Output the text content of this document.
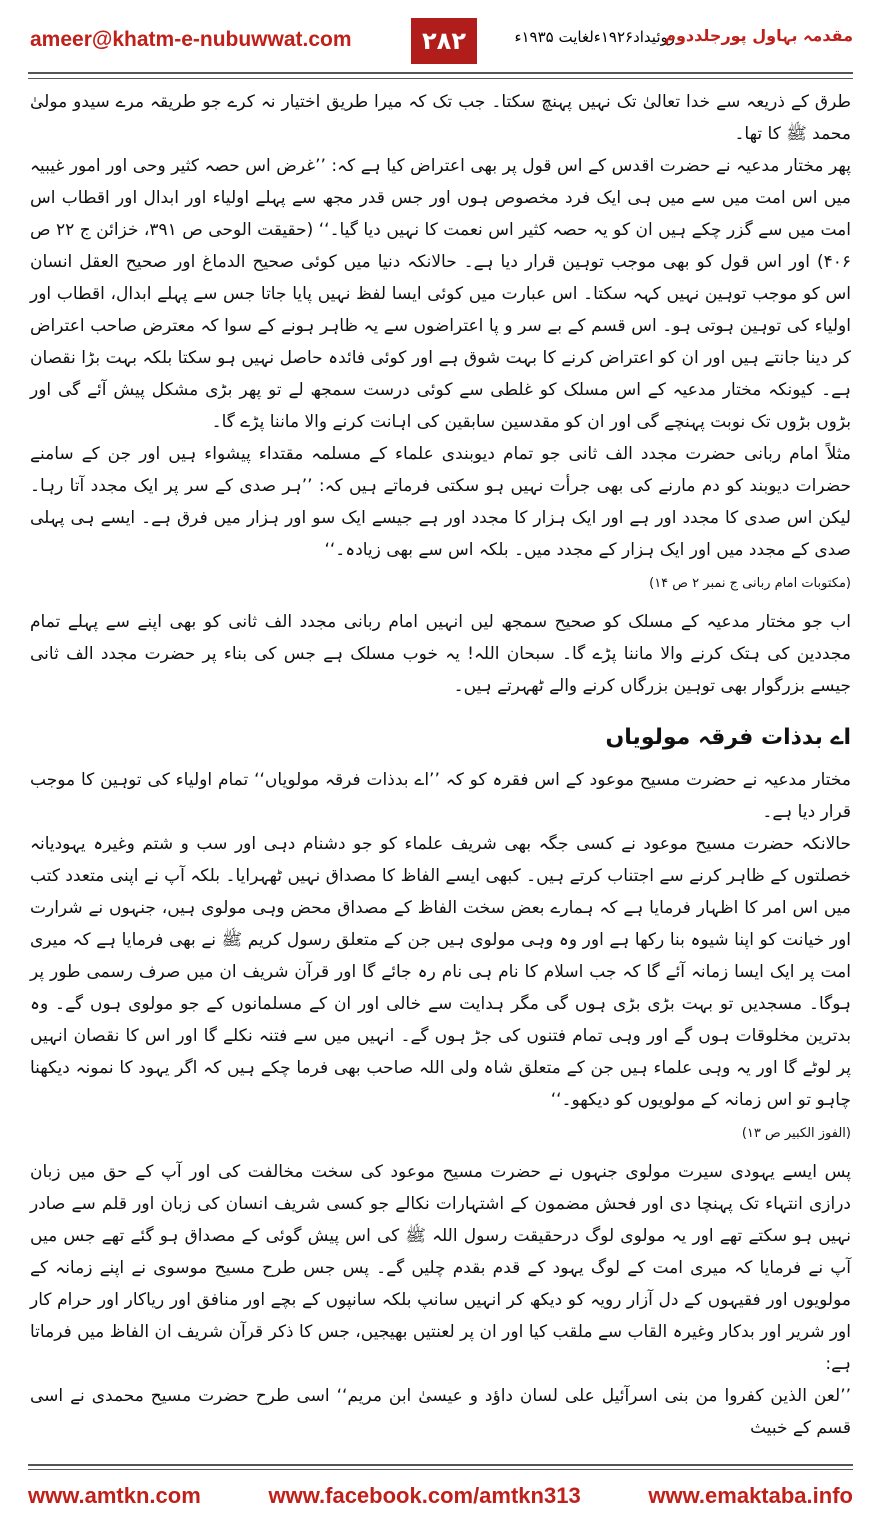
ameer@khatm-e-nubuwwat.com	۲۸۲	روئیداد۱۹۲۶ءلغایت ۱۹۳۵ء
مقدمہ بہاول پورجلددوم

طرق کے ذریعہ سے خدا تعالیٰ تک نہیں پہنچ سکتا۔ جب تک کہ میرا طریق اختیار نہ کرے جو طریقہ مرے سیدو مولیٰ محمد ﷺ کا تھا۔

پھر مختار مدعیہ نے حضرت اقدس کے اس قول پر بھی اعتراض کیا ہے کہ: ’’غرض اس حصہ کثیر وحی اور امور غیبیہ میں اس امت میں سے میں ہی ایک فرد مخصوص ہوں اور جس قدر مجھ سے پہلے اولیاء اور ابدال اور اقطاب اس امت میں سے گزر چکے ہیں ان کو یہ حصہ کثیر اس نعمت کا نہیں دیا گیا۔‘‘ (حقیقت الوحی ص ۳۹۱، خزائن ج ۲۲ ص ۴۰۶) اور اس قول کو بھی موجب توہین قرار دیا ہے۔ حالانکہ دنیا میں کوئی صحیح الدماغ اور صحیح العقل انسان اس کو موجب توہین نہیں کہہ سکتا۔ اس عبارت میں کوئی ایسا لفظ نہیں پایا جاتا جس سے پہلے ابدال، اقطاب اور اولیاء کی توہین ہوتی ہو۔ اس قسم کے بے سر و پا اعتراضوں سے یہ ظاہر ہونے کے سوا کہ معترض صاحب اعتراض کر دینا جانتے ہیں اور ان کو اعتراض کرنے کا بہت شوق ہے اور کوئی فائدہ حاصل نہیں ہو سکتا بلکہ بہت بڑا نقصان ہے۔ کیونکہ مختار مدعیہ کے اس مسلک کو غلطی سے کوئی درست سمجھ لے تو پھر بڑی مشکل پیش آئے گی اور بڑوں بڑوں تک نوبت پہنچے گی اور ان کو مقدسین سابقین کی اہانت کرنے والا ماننا پڑے گا۔

مثلاً امام ربانی حضرت مجدد الف ثانی جو تمام دیوبندی علماء کے مسلمہ مقتداء پیشواء ہیں اور جن کے سامنے حضرات دیوبند کو دم مارنے کی بھی جرأت نہیں ہو سکتی فرماتے ہیں کہ: ’’ہر صدی کے سر پر ایک مجدد آتا رہا۔ لیکن اس صدی کا مجدد اور ہے اور ایک ہزار کا مجدد اور ہے جیسے ایک سو اور ہزار میں فرق ہے۔ ایسے ہی پہلی صدی کے مجدد میں اور ایک ہزار کے مجدد میں۔ بلکہ اس سے بھی زیادہ۔‘‘

(مکتوبات امام ربانی ج نمبر ۲ ص ۱۴)

اب جو مختار مدعیہ کے مسلک کو صحیح سمجھ لیں انہیں امام ربانی مجدد الف ثانی کو بھی اپنے سے پہلے تمام مجددین کی ہتک کرنے والا ماننا پڑے گا۔ سبحان اللہ! یہ خوب مسلک ہے جس کی بناء پر حضرت مجدد الف ثانی جیسے بزرگوار بھی توہین بزرگاں کرنے والے ٹھہرتے ہیں۔

اے بدذات فرقہ مولویاں

مختار مدعیہ نے حضرت مسیح موعود کے اس فقرہ کو کہ ’’اے بدذات فرقہ مولویاں‘‘ تمام اولیاء کی توہین کا موجب قرار دیا ہے۔

حالانکہ حضرت مسیح موعود نے کسی جگہ بھی شریف علماء کو جو دشنام دہی اور سب و شتم وغیرہ یہودیانہ خصلتوں کے ظاہر کرنے سے اجتناب کرتے ہیں۔ کبھی ایسے الفاظ کا مصداق نہیں ٹھہرایا۔ بلکہ آپ نے اپنی متعدد کتب میں اس امر کا اظہار فرمایا ہے کہ ہمارے بعض سخت الفاظ کے مصداق محض وہی مولوی ہیں، جنہوں نے شرارت اور خیانت کو اپنا شیوہ بنا رکھا ہے اور وہ وہی مولوی ہیں جن کے متعلق رسول کریم ﷺ نے بھی فرمایا ہے کہ میری امت پر ایک ایسا زمانہ آئے گا کہ جب اسلام کا نام ہی نام رہ جائے گا اور قرآن شریف ان میں صرف رسمی طور پر ہوگا۔ مسجدیں تو بہت بڑی بڑی ہوں گی مگر ہدایت سے خالی اور ان کے مسلمانوں کے جو مولوی ہوں گے۔ وہ بدترین مخلوقات ہوں گے اور وہی تمام فتنوں کی جڑ ہوں گے۔ انہیں میں سے فتنہ نکلے گا اور اس کا نقصان انہیں پر لوٹے گا اور یہ وہی علماء ہیں جن کے متعلق شاہ ولی اللہ صاحب بھی فرما چکے ہیں کہ اگر یہود کا نمونہ دیکھنا چاہو تو اس زمانہ کے مولویوں کو دیکھو۔‘‘

(الفوز الکبیر ص ۱۳)

پس ایسے یہودی سیرت مولوی جنہوں نے حضرت مسیح موعود کی سخت مخالفت کی اور آپ کے حق میں زبان درازی انتہاء تک پہنچا دی اور فحش مضمون کے اشتہارات نکالے جو کسی شریف انسان کی زبان اور قلم سے صادر نہیں ہو سکتے تھے اور یہ مولوی لوگ درحقیقت رسول اللہ ﷺ کی اس پیش گوئی کے مصداق ہو گئے تھے جس میں آپ نے فرمایا کہ میری امت کے لوگ یہود کے قدم بقدم چلیں گے۔ پس جس طرح مسیح موسوی نے اپنے زمانہ کے مولویوں اور فقیہوں کے دل آزار رویہ کو دیکھ کر انہیں سانپ بلکہ سانپوں کے بچے اور منافق اور ریاکار اور حرام کار اور شریر اور بدکار وغیرہ القاب سے ملقب کیا اور ان پر لعنتیں بھیجیں، جس کا ذکر قرآن شریف ان الفاظ میں فرماتا ہے:

’’لعن الذین کفروا من بنی اسرآئیل علی لسان داؤد و عیسیٰ ابن مریم‘‘ اسی طرح حضرت مسیح محمدی نے اسی قسم کے خبیث

www.amtkn.com	www.facebook.com/amtkn313	www.emaktaba.info
